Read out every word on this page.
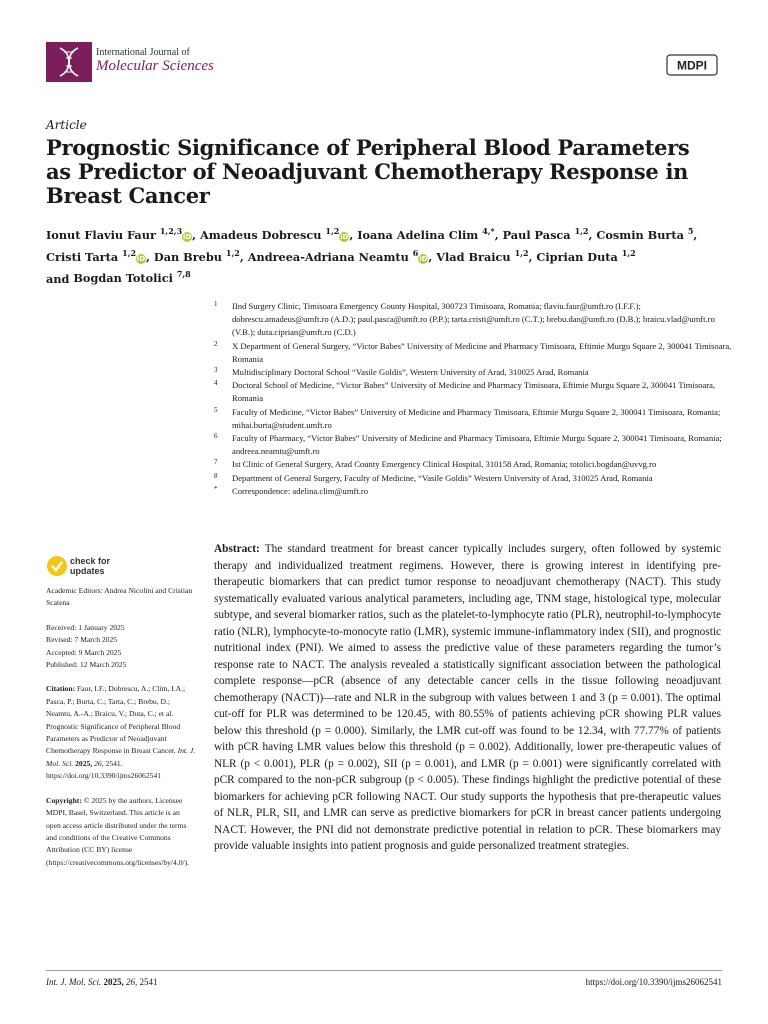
International Journal of
Molecular Sciences	MDPI
Article
Prognostic Significance of Peripheral Blood Parameters as Predictor of Neoadjuvant Chemotherapy Response in Breast Cancer
Ionut Flaviu Faur $^{1,2,3}$iD, Amadeus Dobrescu $^{1,2}$iD, Ioana Adelina Clim $^{4,*}$, Paul Pasca $^{1,2}$, Cosmin Burta $^5$,
Cristi Tarta $^{1,2}$iD, Dan Brebu $^{1,2}$, Andreea-Adriana Neamtu $^6$iD, Vlad Braicu $^{1,2}$, Ciprian Duta $^{1,2}$
and Bogdan Totolici $^{7,8}$
1 IInd Surgery Clinic, Timisoara Emergency County Hospital, 300723 Timisoara, Romania; flaviu.faur@umft.ro (I.F.F.); dobrescu.amadeus@umft.ro (A.D.); paul.pasca@umft.ro (P.P.); tarta.cristi@umft.ro (C.T.); brebu.dan@umft.ro (D.B.); braicu.vlad@umft.ro (V.B.); duta.ciprian@umft.ro (C.D.)
2 X Department of General Surgery, “Victor Babes” University of Medicine and Pharmacy Timisoara, Eftimie Murgu Square 2, 300041 Timisoara, Romania
3 Multidisciplinary Doctoral School “Vasile Goldis”, Western University of Arad, 310025 Arad, Romania
4 Doctoral School of Medicine, “Victor Babes” University of Medicine and Pharmacy Timisoara, Eftimie Murgu Square 2, 300041 Timisoara, Romania
5 Faculty of Medicine, “Victor Babes” University of Medicine and Pharmacy Timisoara, Eftimie Murgu Square 2, 300041 Timisoara, Romania; mihai.burta@student.umft.ro
6 Faculty of Pharmacy, “Victor Babes” University of Medicine and Pharmacy Timisoara, Eftimie Murgu Square 2, 300041 Timisoara, Romania; andreea.neamtu@umft.ro
7 Ist Clinic of General Surgery, Arad County Emergency Clinical Hospital, 310158 Arad, Romania; totolici.bogdan@uvvg.ro
8 Department of General Surgery, Faculty of Medicine, “Vasile Goldis” Western University of Arad, 310025 Arad, Romania
* Correspondence: adelina.clim@umft.ro
check for
updates

Academic Editors: Andrea Nicolini and Cristian Scatena

Received: 1 January 2025

Revised: 7 March 2025

Accepted: 9 March 2025

Published: 12 March 2025

Citation: Faur, I.F.; Dobrescu, A.; Clim, I.A.; Pasca, P.; Burta, C.; Tarta, C.; Brebu, D.; Neamtu, A.-A.; Braicu, V.; Duta, C.; et al. Prognostic Significance of Peripheral Blood Parameters as Predictor of Neoadjuvant Chemotherapy Response in Breast Cancer. Int. J. Mol. Sci. 2025, 26, 2541. https://doi.org/10.3390/ijms26062541

Copyright: © 2025 by the authors. Licensee MDPI, Basel, Switzerland. This article is an open access article distributed under the terms and conditions of the Creative Commons Attribution (CC BY) license (https://creativecommons.org/licenses/by/4.0/).

Abstract: The standard treatment for breast cancer typically includes surgery, often followed by systemic therapy and individualized treatment regimens. However, there is growing interest in identifying pre-therapeutic biomarkers that can predict tumor response to neoadjuvant chemotherapy (NACT). This study systematically evaluated various analytical parameters, including age, TNM stage, histological type, molecular subtype, and several biomarker ratios, such as the platelet-to-lymphocyte ratio (PLR), neutrophil-to-lymphocyte ratio (NLR), lymphocyte-to-monocyte ratio (LMR), systemic immune-inflammatory index (SII), and prognostic nutritional index (PNI). We aimed to assess the predictive value of these parameters regarding the tumor’s response rate to NACT. The analysis revealed a statistically significant association between the pathological complete response—pCR (absence of any detectable cancer cells in the tissue following neoadjuvant chemotherapy (NACT))—rate and NLR in the subgroup with values between 1 and 3 (p = 0.001). The optimal cut-off for PLR was determined to be 120.45, with 80.55% of patients achieving pCR showing PLR values below this threshold (p = 0.000). Similarly, the LMR cut-off was found to be 12.34, with 77.77% of patients with pCR having LMR values below this threshold (p = 0.002). Additionally, lower pre-therapeutic values of NLR (p < 0.001), PLR (p = 0.002), SII (p = 0.001), and LMR (p = 0.001) were significantly correlated with pCR compared to the non-pCR subgroup (p < 0.005). These findings highlight the predictive potential of these biomarkers for achieving pCR following NACT. Our study supports the hypothesis that pre-therapeutic values of NLR, PLR, SII, and LMR can serve as predictive biomarkers for pCR in breast cancer patients undergoing NACT. However, the PNI did not demonstrate predictive potential in relation to pCR. These biomarkers may provide valuable insights into patient prognosis and guide personalized treatment strategies.
Int. J. Mol. Sci. 2025, 26, 2541	https://doi.org/10.3390/ijms26062541
